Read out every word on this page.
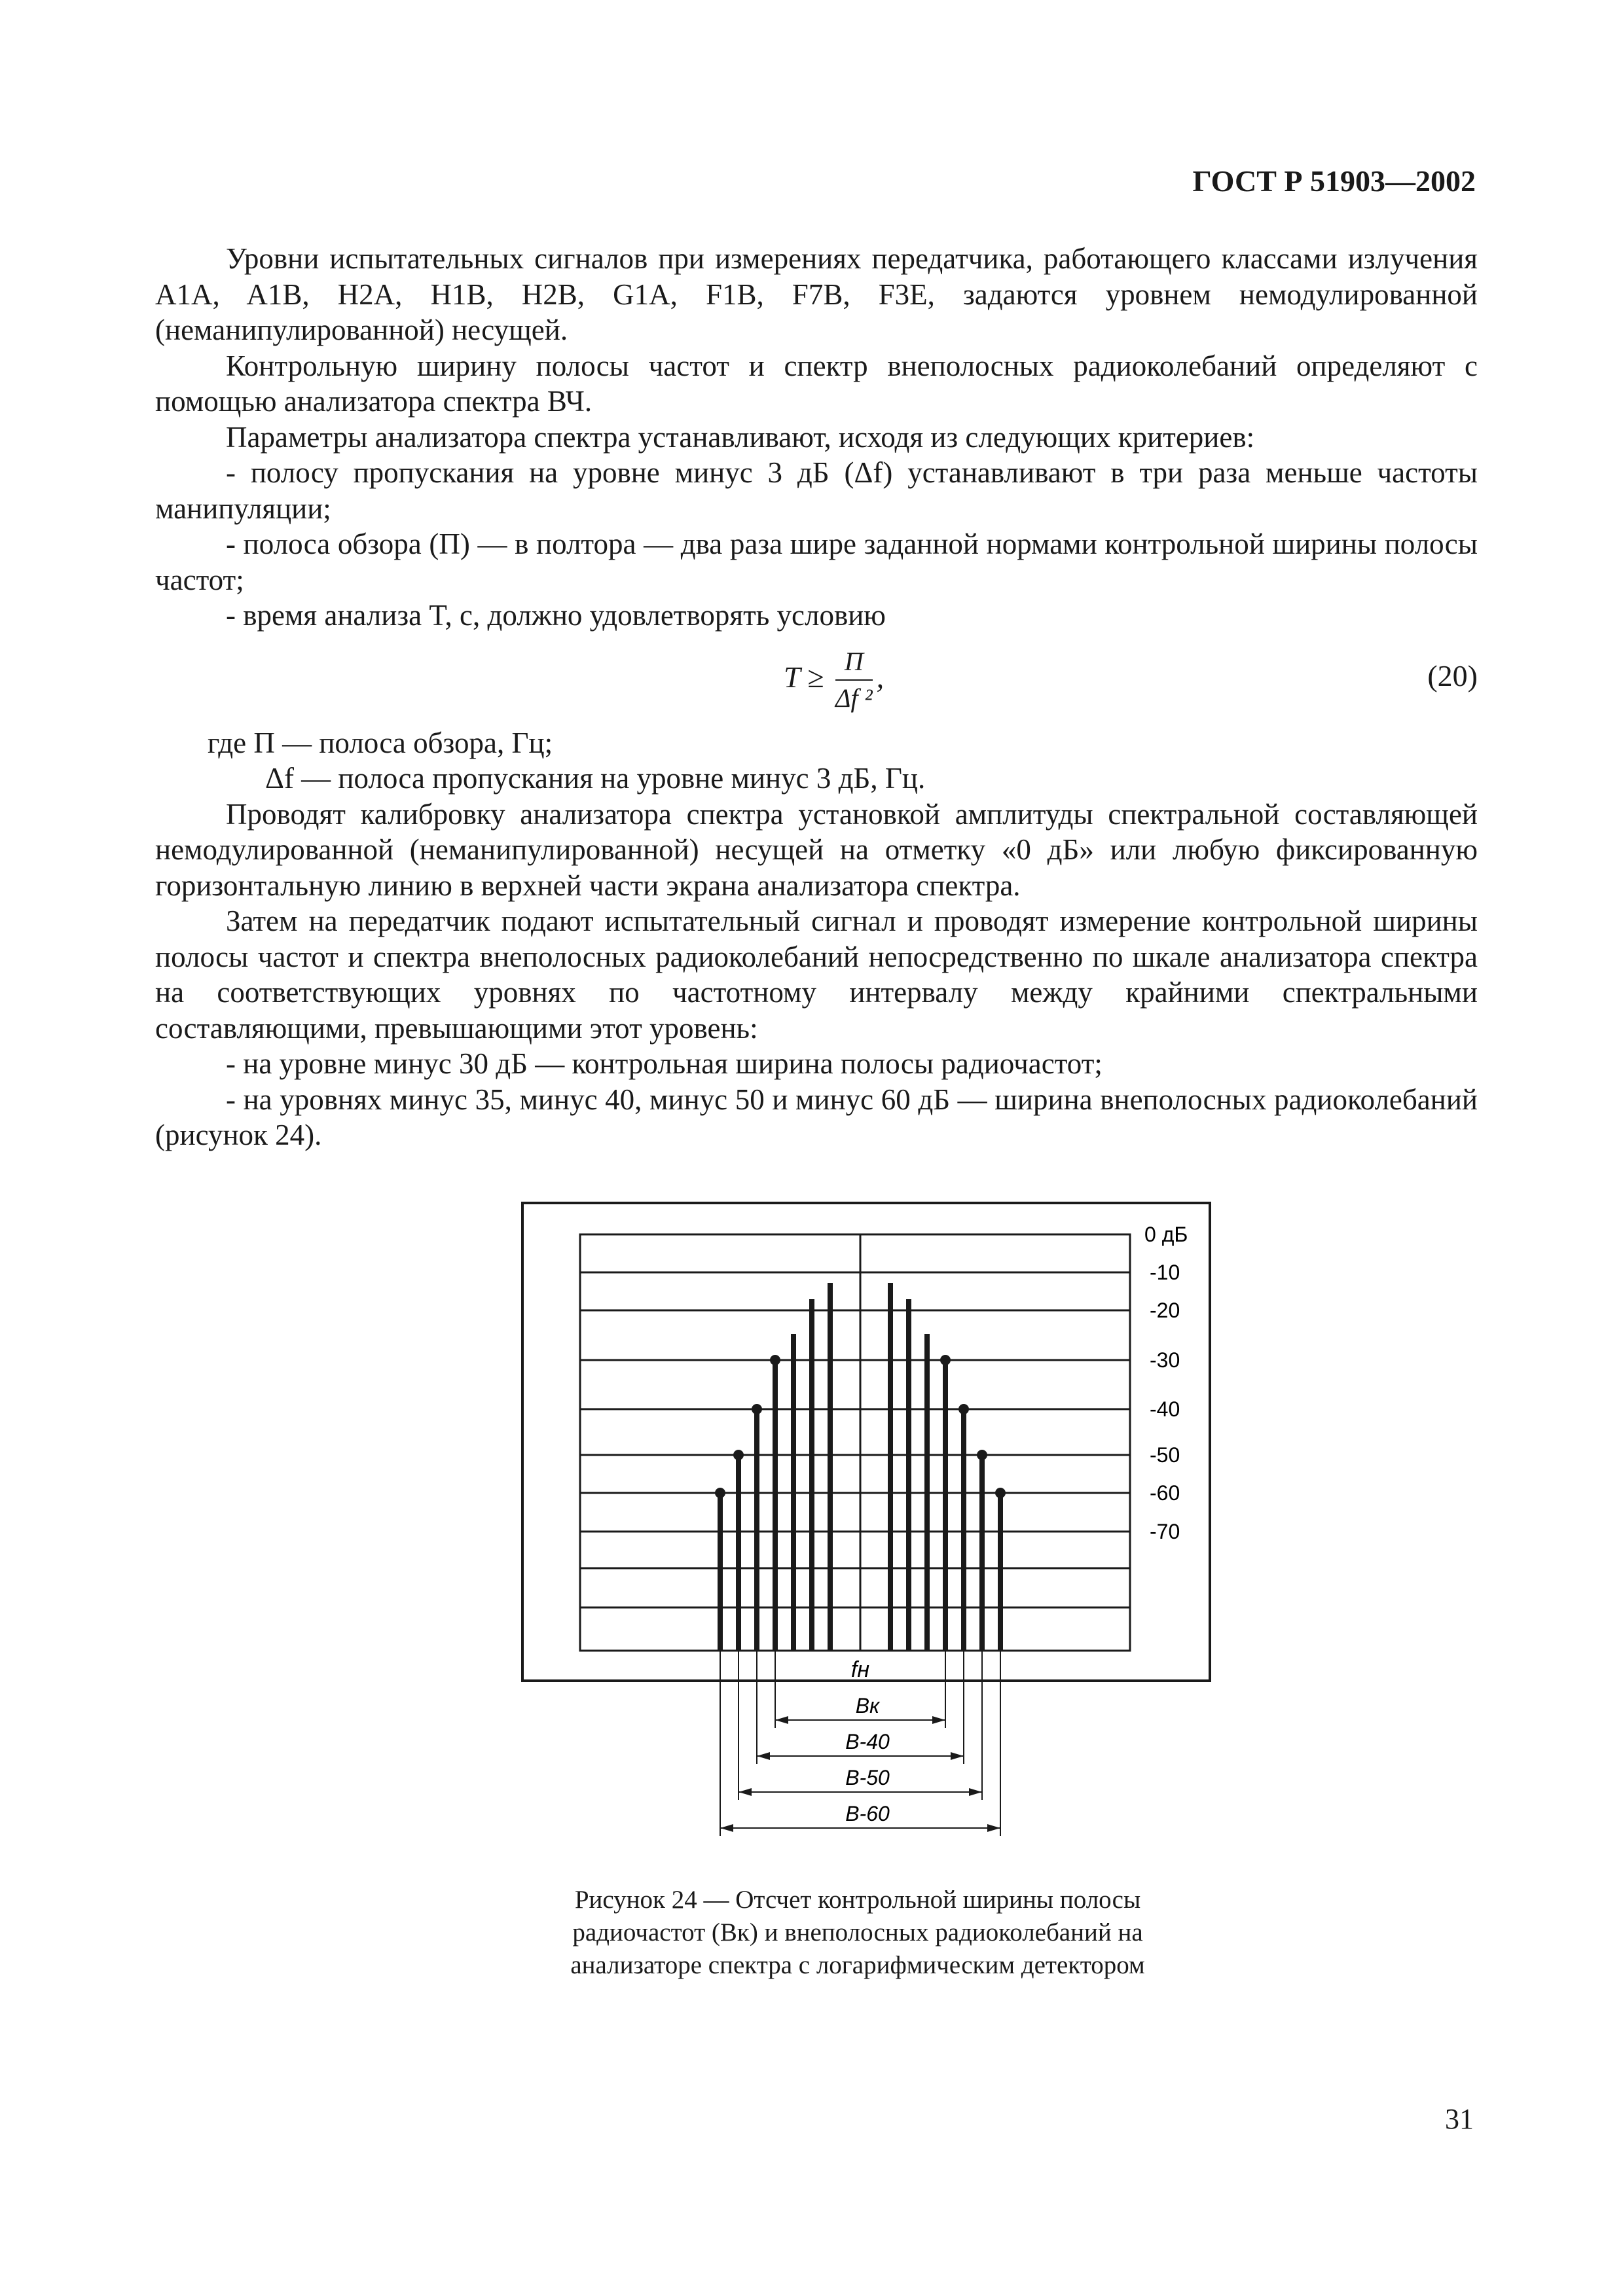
ГОСТ Р 51903—2002

Уровни испытательных сигналов при измерениях передатчика, работающего классами излучения A1A, A1B, H2A, H1B, H2B, G1A, F1B, F7B, F3E, задаются уровнем немодулированной (неманипулированной) несущей.

Контрольную ширину полосы частот и спектр внеполосных радиоколебаний определяют с помощью анализатора спектра ВЧ.

Параметры анализатора спектра устанавливают, исходя из следующих критериев:

- полосу пропускания на уровне минус 3 дБ (Δf) устанавливают в три раза меньше частоты манипуляции;

- полоса обзора (П) — в полтора — два раза шире заданной нормами контрольной ширины полосы частот;

- время анализа T, с, должно удовлетворять условию

$T \ge \frac{П}{\text{Δf ²}}$ ,	(20)

где П — полоса обзора, Гц;

Δf — полоса пропускания на уровне минус 3 дБ, Гц.

Проводят калибровку анализатора спектра установкой амплитуды спектральной составляющей немодулированной (неманипулированной) несущей на отметку «0 дБ» или любую фиксированную горизонтальную линию в верхней части экрана анализатора спектра.

Затем на передатчик подают испытательный сигнал и проводят измерение контрольной ширины полосы частот и спектра внеполосных радиоколебаний непосредственно по шкале анализатора спектра на соответствующих уровнях по частотному интервалу между крайними спектральными составляющими, превышающими этот уровень:

- на уровне минус 30 дБ — контрольная ширина полосы радиочастот;

- на уровнях минус 35, минус 40, минус 50 и минус 60 дБ — ширина внеполосных радиоколебаний (рисунок 24).

0 дБ
-10
-20
-30
-40
-50
-60
-70
fн
Bк
B-40
B-50
B-60
Рисунок 24 — Отсчет контрольной ширины полосы радиочастот (Bк) и внеполосных радиоколебаний на анализаторе спектра с логарифмическим детектором
31
